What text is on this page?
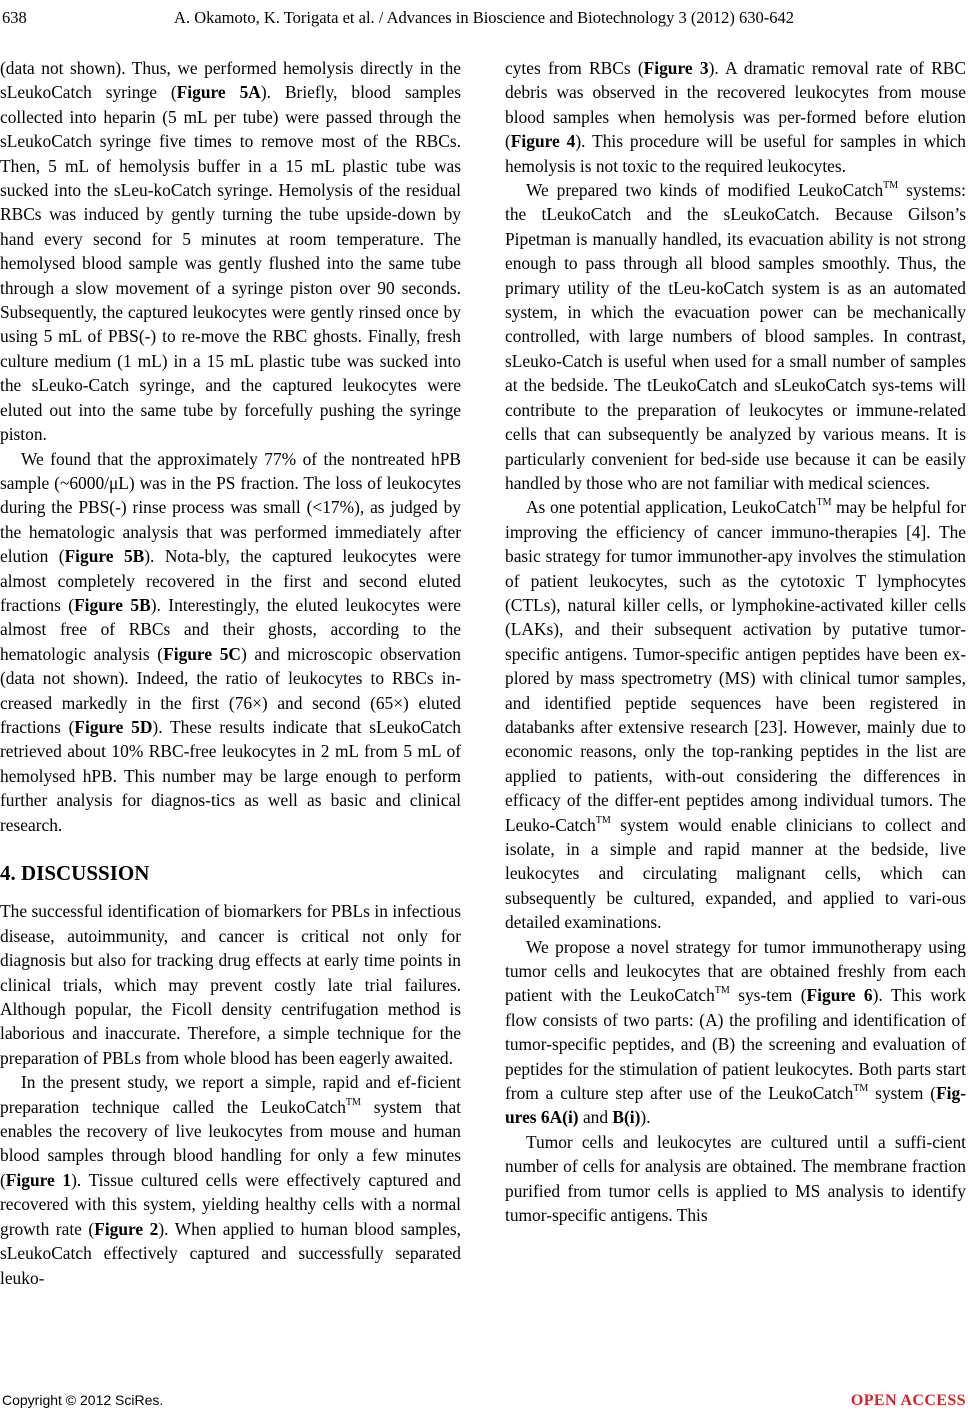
638	A. Okamoto, K. Torigata et al. / Advances in Bioscience and Biotechnology 3 (2012) 630-642

(data not shown). Thus, we performed hemolysis directly in the sLeukoCatch syringe (Figure 5A). Briefly, blood samples collected into heparin (5 mL per tube) were passed through the sLeukoCatch syringe five times to remove most of the RBCs. Then, 5 mL of hemolysis buffer in a 15 mL plastic tube was sucked into the sLeu-koCatch syringe. Hemolysis of the residual RBCs was induced by gently turning the tube upside-down by hand every second for 5 minutes at room temperature. The hemolysed blood sample was gently flushed into the same tube through a slow movement of a syringe piston over 90 seconds. Subsequently, the captured leukocytes were gently rinsed once by using 5 mL of PBS(-) to re-move the RBC ghosts. Finally, fresh culture medium (1 mL) in a 15 mL plastic tube was sucked into the sLeuko-Catch syringe, and the captured leukocytes were eluted out into the same tube by forcefully pushing the syringe piston.

We found that the approximately 77% of the nontreated hPB sample (~6000/μL) was in the PS fraction. The loss of leukocytes during the PBS(-) rinse process was small (<17%), as judged by the hematologic analysis that was performed immediately after elution (Figure 5B). Nota-bly, the captured leukocytes were almost completely recovered in the first and second eluted fractions (Figure 5B). Interestingly, the eluted leukocytes were almost free of RBCs and their ghosts, according to the hematologic analysis (Figure 5C) and microscopic observation (data not shown). Indeed, the ratio of leukocytes to RBCs in-creased markedly in the first (76×) and second (65×) eluted fractions (Figure 5D). These results indicate that sLeukoCatch retrieved about 10% RBC-free leukocytes in 2 mL from 5 mL of hemolysed hPB. This number may be large enough to perform further analysis for diagnos-tics as well as basic and clinical research.

4. DISCUSSION

The successful identification of biomarkers for PBLs in infectious disease, autoimmunity, and cancer is critical not only for diagnosis but also for tracking drug effects at early time points in clinical trials, which may prevent costly late trial failures. Although popular, the Ficoll density centrifugation method is laborious and inaccurate. Therefore, a simple technique for the preparation of PBLs from whole blood has been eagerly awaited.

In the present study, we report a simple, rapid and ef-ficient preparation technique called the LeukoCatch™ system that enables the recovery of live leukocytes from mouse and human blood samples through blood handling for only a few minutes (Figure 1). Tissue cultured cells were effectively captured and recovered with this system, yielding healthy cells with a normal growth rate (Figure 2). When applied to human blood samples, sLeukoCatch effectively captured and successfully separated leuko-

cytes from RBCs (Figure 3). A dramatic removal rate of RBC debris was observed in the recovered leukocytes from mouse blood samples when hemolysis was per-formed before elution (Figure 4). This procedure will be useful for samples in which hemolysis is not toxic to the required leukocytes.

We prepared two kinds of modified LeukoCatch™ systems: the tLeukoCatch and the sLeukoCatch. Because Gilson’s Pipetman is manually handled, its evacuation ability is not strong enough to pass through all blood samples smoothly. Thus, the primary utility of the tLeu-koCatch system is as an automated system, in which the evacuation power can be mechanically controlled, with large numbers of blood samples. In contrast, sLeuko-Catch is useful when used for a small number of samples at the bedside. The tLeukoCatch and sLeukoCatch sys-tems will contribute to the preparation of leukocytes or immune-related cells that can subsequently be analyzed by various means. It is particularly convenient for bed-side use because it can be easily handled by those who are not familiar with medical sciences.

As one potential application, LeukoCatch™ may be helpful for improving the efficiency of cancer immuno-therapies [4]. The basic strategy for tumor immunother-apy involves the stimulation of patient leukocytes, such as the cytotoxic T lymphocytes (CTLs), natural killer cells, or lymphokine-activated killer cells (LAKs), and their subsequent activation by putative tumor-specific antigens. Tumor-specific antigen peptides have been ex-plored by mass spectrometry (MS) with clinical tumor samples, and identified peptide sequences have been registered in databanks after extensive research [23]. However, mainly due to economic reasons, only the top-ranking peptides in the list are applied to patients, with-out considering the differences in efficacy of the differ-ent peptides among individual tumors. The Leuko-Catch™ system would enable clinicians to collect and isolate, in a simple and rapid manner at the bedside, live leukocytes and circulating malignant cells, which can subsequently be cultured, expanded, and applied to vari-ous detailed examinations.

We propose a novel strategy for tumor immunotherapy using tumor cells and leukocytes that are obtained freshly from each patient with the LeukoCatch™ sys-tem (Figure 6). This work flow consists of two parts: (A) the profiling and identification of tumor-specific peptides, and (B) the screening and evaluation of peptides for the stimulation of patient leukocytes. Both parts start from a culture step after use of the LeukoCatch™ system (Fig-ures 6A(i) and B(i)).

Tumor cells and leukocytes are cultured until a suffi-cient number of cells for analysis are obtained. The membrane fraction purified from tumor cells is applied to MS analysis to identify tumor-specific antigens. This

Copyright © 2012 SciRes.	OPEN ACCESS
